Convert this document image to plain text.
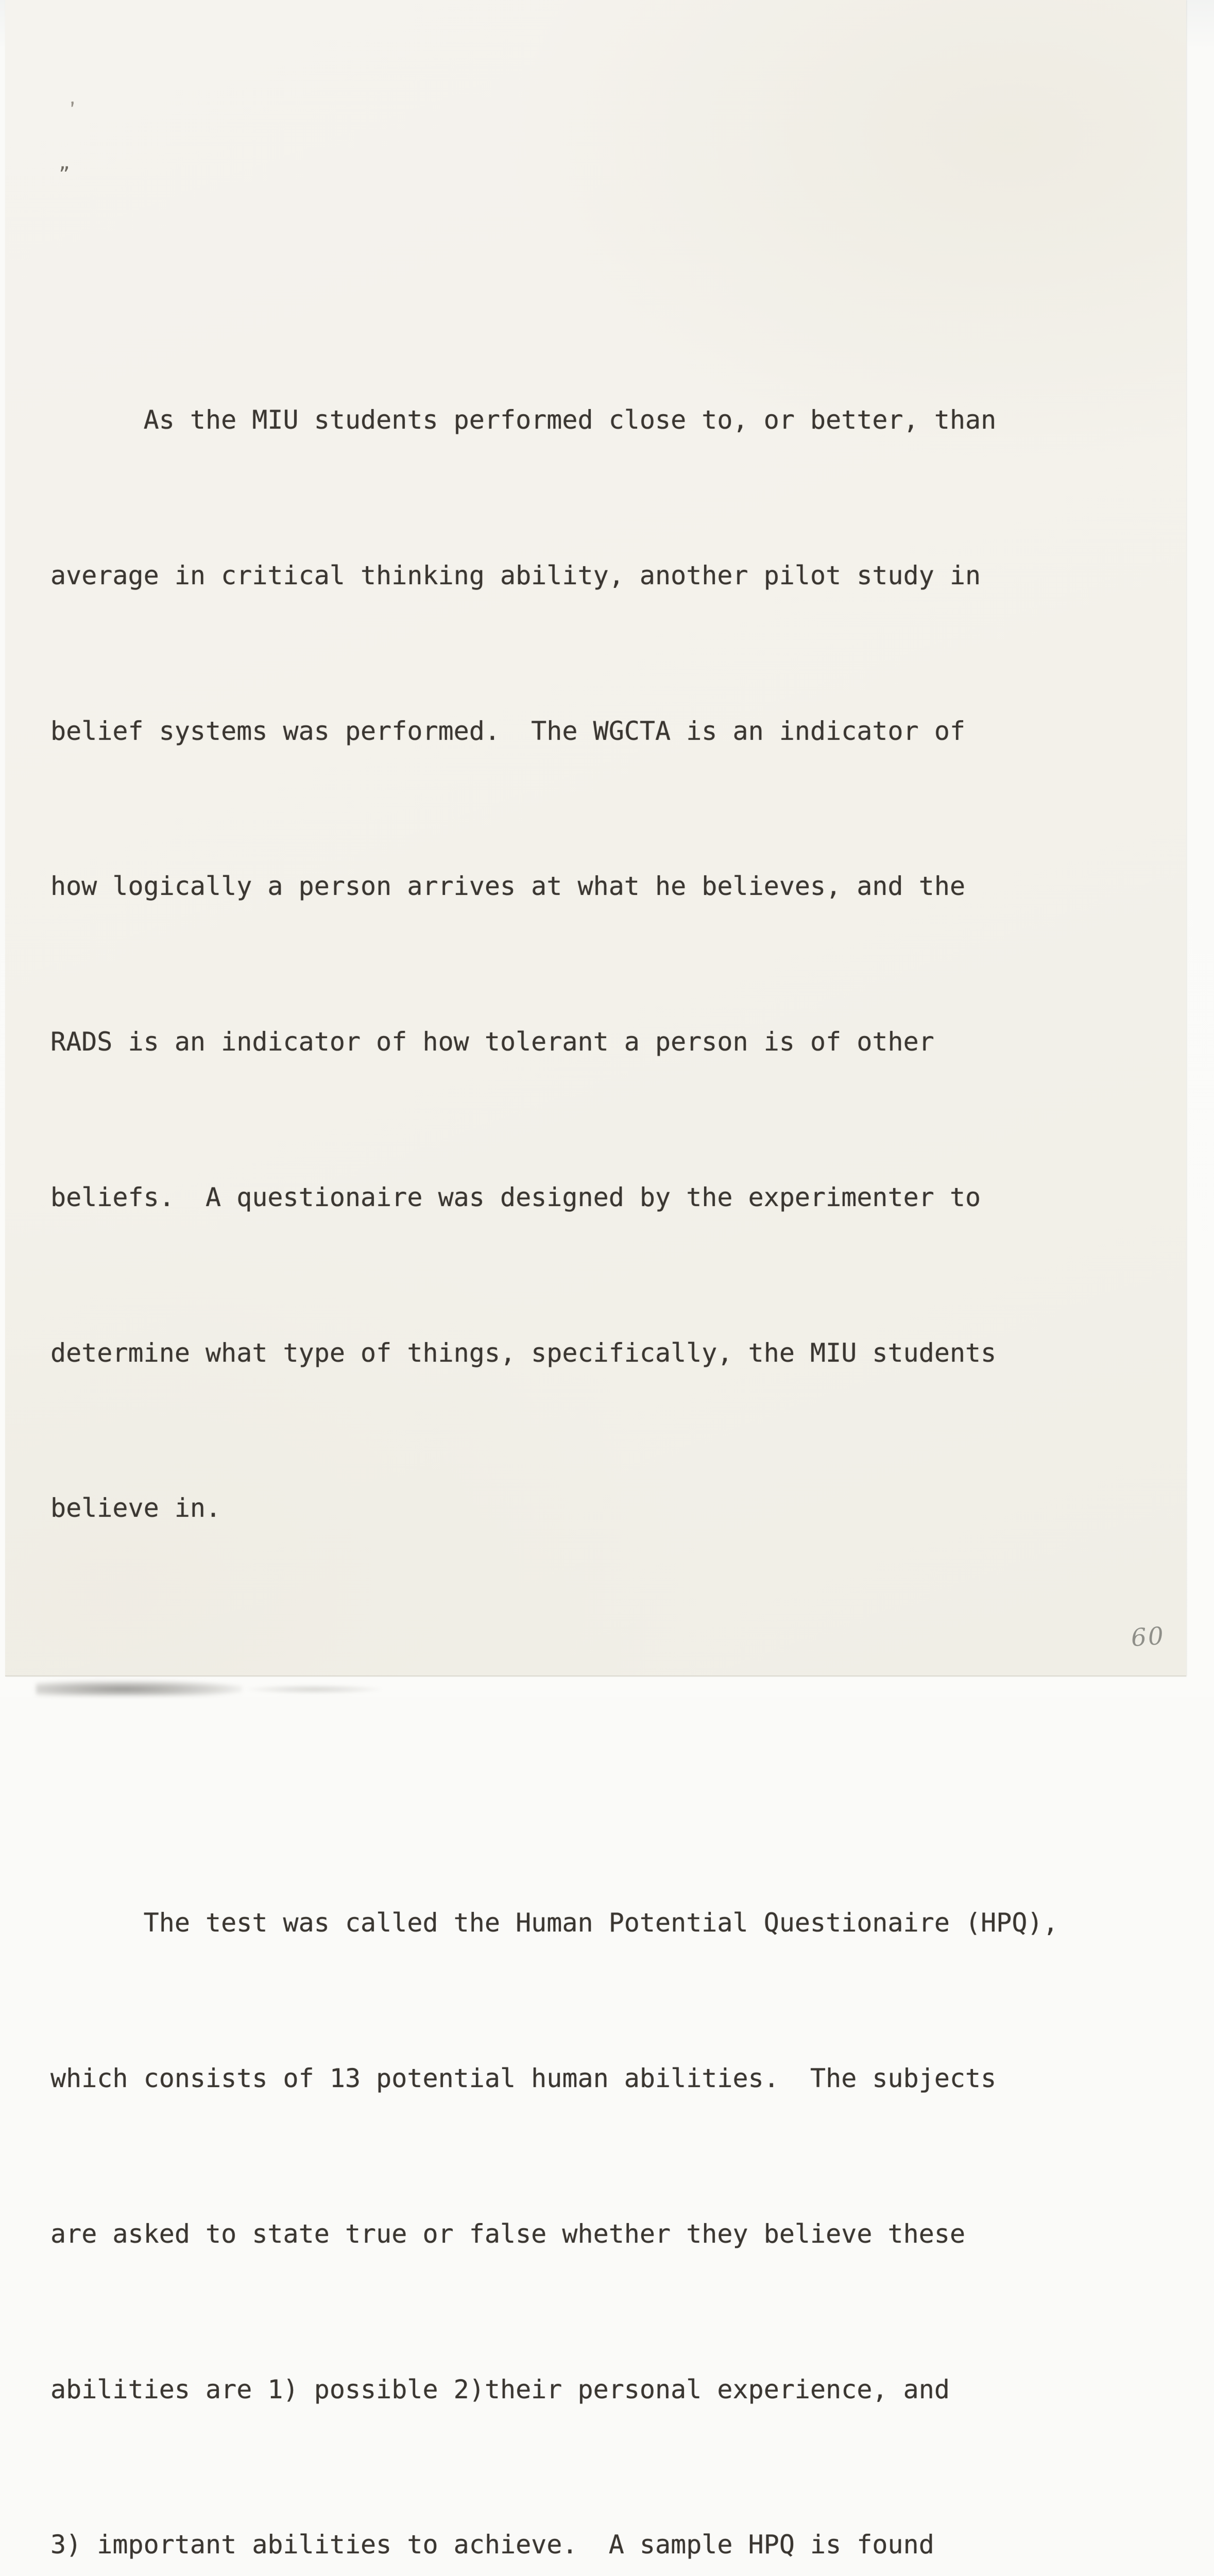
’
„

As the MIU students performed close to, or better, than

average in critical thinking ability, another pilot study in

belief systems was performed.  The WGCTA is an indicator of

how logically a person arrives at what he believes, and the

RADS is an indicator of how tolerant a person is of other

beliefs.  A questionaire was designed by the experimenter to

determine what type of things, specifically, the MIU students

believe in.

The test was called the Human Potential Questionaire (HPQ),

which consists of 13 potential human abilities.  The subjects

are asked to state true or false whether they believe these

abilities are 1) possible 2)their personal experience, and

3) important abilities to achieve.  A sample HPQ is found

60
